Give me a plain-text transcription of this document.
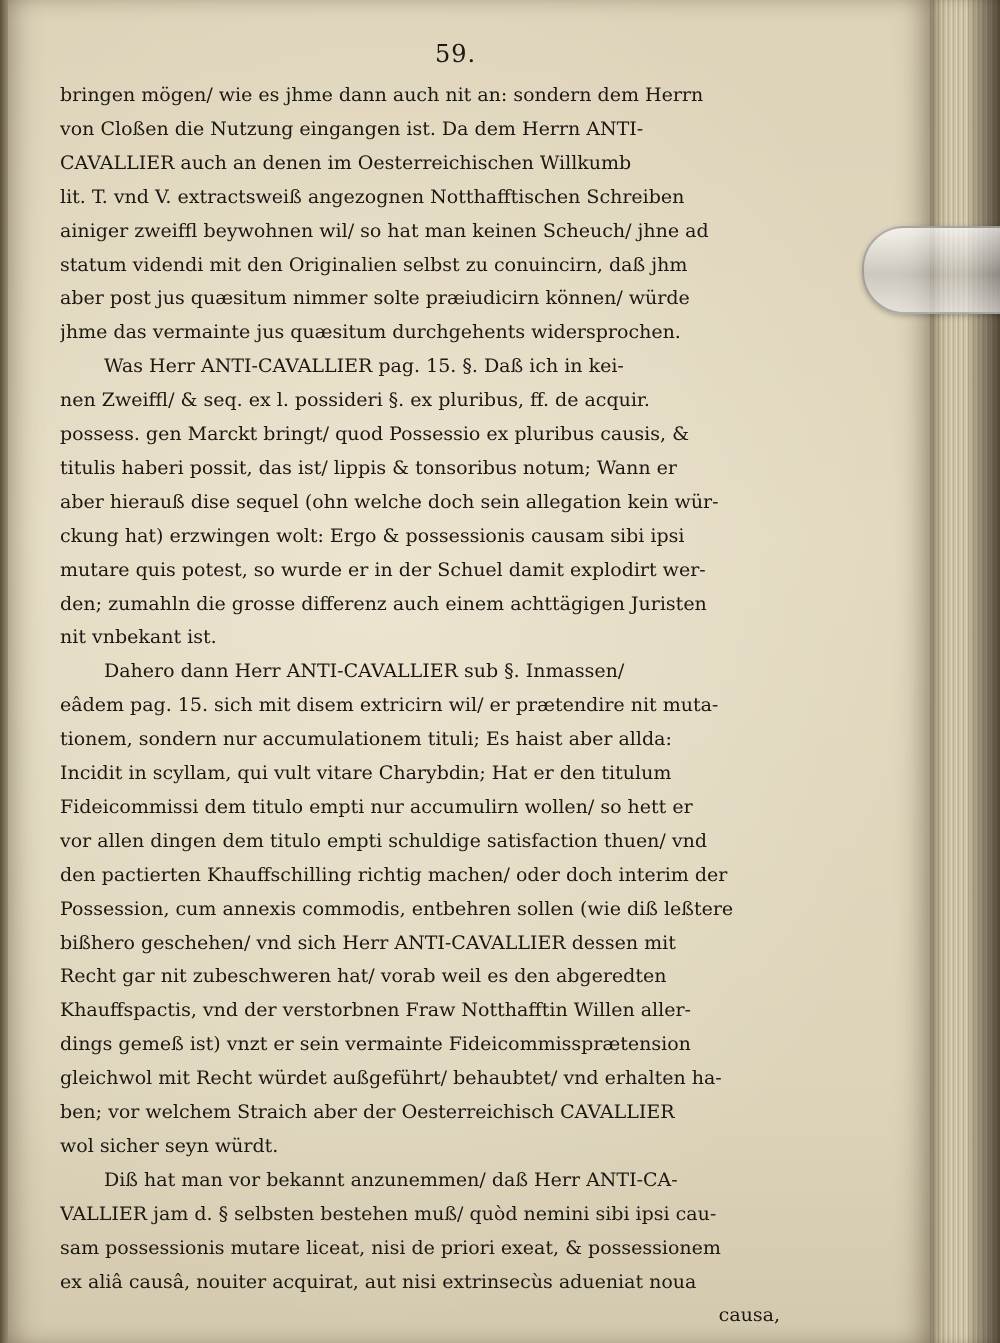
59.
bringen mögen/ wie es jhme dann auch nit an: sondern dem Herrn
von Cloßen die Nutzung eingangen ist. Da dem Herrn ANTI-
CAVALLIER auch an denen im Oesterreichischen Willkumb
lit. T. vnd V. extractsweiß angezognen Notthafftischen Schreiben
ainiger zweiffl beywohnen wil/ so hat man keinen Scheuch/ jhne ad
statum videndi mit den Originalien selbst zu conuincirn, daß jhm
aber post jus quæsitum nimmer solte præiudicirn können/ würde
jhme das vermainte jus quæsitum durchgehents widersprochen.
Was Herr ANTI-CAVALLIER pag. 15. §. Daß ich in kei-
nen Zweiffl/ & seq. ex l. possideri §. ex pluribus, ff. de acquir.
possess. gen Marckt bringt/ quod Possessio ex pluribus causis, &
titulis haberi possit, das ist/ lippis & tonsoribus notum; Wann er
aber hierauß dise sequel (ohn welche doch sein allegation kein wür-
ckung hat) erzwingen wolt: Ergo & possessionis causam sibi ipsi
mutare quis potest, so wurde er in der Schuel damit explodirt wer-
den; zumahln die grosse differenz auch einem achttägigen Juristen
nit vnbekant ist.
Dahero dann Herr ANTI-CAVALLIER sub §. Inmassen/
eâdem pag. 15. sich mit disem extricirn wil/ er prætendire nit muta-
tionem, sondern nur accumulationem tituli; Es haist aber allda:
Incidit in scyllam, qui vult vitare Charybdin; Hat er den titulum
Fideicommissi dem titulo empti nur accumulirn wollen/ so hett er
vor allen dingen dem titulo empti schuldige satisfaction thuen/ vnd
den pactierten Khauffschilling richtig machen/ oder doch interim der
Possession, cum annexis commodis, entbehren sollen (wie diß leßtere
bißhero geschehen/ vnd sich Herr ANTI-CAVALLIER dessen mit
Recht gar nit zubeschweren hat/ vorab weil es den abgeredten
Khauffspactis, vnd der verstorbnen Fraw Notthafftin Willen aller-
dings gemeß ist) vnzt er sein vermainte Fideicommissprætension
gleichwol mit Recht würdet außgeführt/ behaubtet/ vnd erhalten ha-
ben; vor welchem Straich aber der Oesterreichisch CAVALLIER
wol sicher seyn würdt.
Diß hat man vor bekannt anzunemmen/ daß Herr ANTI-CA-
VALLIER jam d. § selbsten bestehen muß/ quòd nemini sibi ipsi cau-
sam possessionis mutare liceat, nisi de priori exeat, & possessionem
ex aliâ causâ, nouiter acquirat, aut nisi extrinsecùs adueniat noua
causa,
